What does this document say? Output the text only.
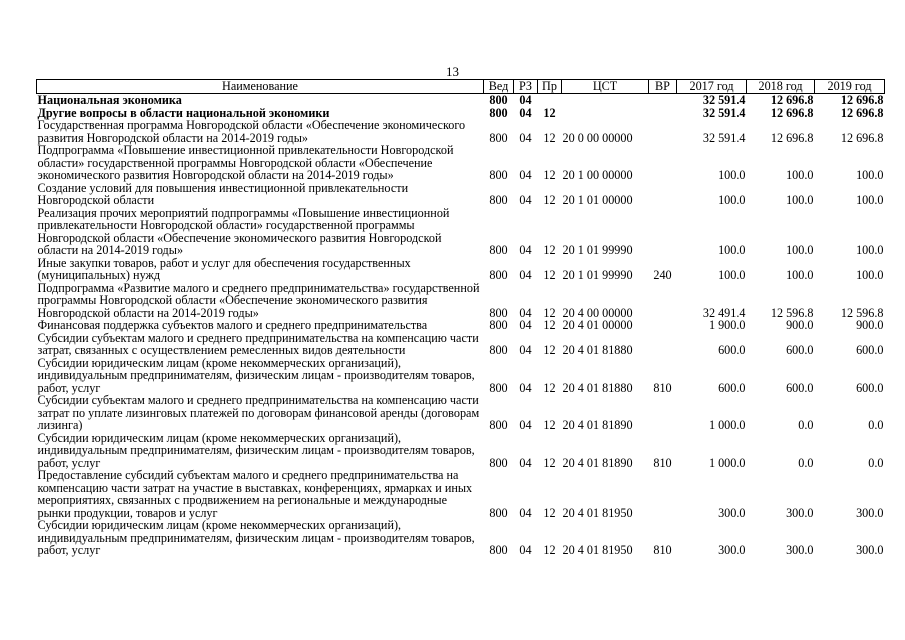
13
Наименование	Вед	РЗ	Пр	ЦСТ	ВР	2017 год	2018 год	2019 год
Национальная экономика	800	04				32 591.4	12 696.8	12 696.8
Другие вопросы в области национальной экономики	800	04	12			32 591.4	12 696.8	12 696.8
Государственная программа Новгородской области «Обеспечение экономического развития Новгородской области на 2014-2019 годы»	800	04	12	20 0 00 00000		32 591.4	12 696.8	12 696.8
Подпрограмма «Повышение инвестиционной привлекательности Новгородской области» государственной программы Новгородской области «Обеспечение экономического развития Новгородской области на 2014-2019 годы»	800	04	12	20 1 00 00000		100.0	100.0	100.0
Создание условий для повышения инвестиционной привлекательности Новгородской области	800	04	12	20 1 01 00000		100.0	100.0	100.0
Реализация прочих мероприятий подпрограммы «Повышение инвестиционной привлекательности Новгородской области» государственной программы Новгородской области «Обеспечение экономического развития Новгородской области на 2014-2019 годы»	800	04	12	20 1 01 99990		100.0	100.0	100.0
Иные закупки товаров, работ и услуг для обеспечения государственных (муниципальных) нужд	800	04	12	20 1 01 99990	240	100.0	100.0	100.0
Подпрограмма «Развитие малого и среднего предпринимательства» государственной программы Новгородской области «Обеспечение экономического развития Новгородской области на 2014-2019 годы»	800	04	12	20 4 00 00000		32 491.4	12 596.8	12 596.8
Финансовая поддержка субъектов малого и среднего предпринимательства	800	04	12	20 4 01 00000		1 900.0	900.0	900.0
Субсидии субъектам малого и среднего предпринимательства на компенсацию части затрат, связанных с осуществлением ремесленных видов деятельности	800	04	12	20 4 01 81880		600.0	600.0	600.0
Субсидии юридическим лицам (кроме некоммерческих организаций), индивидуальным предпринимателям, физическим лицам - производителям товаров, работ, услуг	800	04	12	20 4 01 81880	810	600.0	600.0	600.0
Субсидии субъектам малого и среднего предпринимательства на компенсацию части затрат по уплате лизинговых платежей по договорам финансовой аренды (договорам лизинга)	800	04	12	20 4 01 81890		1 000.0	0.0	0.0
Субсидии юридическим лицам (кроме некоммерческих организаций), индивидуальным предпринимателям, физическим лицам - производителям товаров, работ, услуг	800	04	12	20 4 01 81890	810	1 000.0	0.0	0.0
Предоставление субсидий субъектам малого и среднего предпринимательства на компенсацию части затрат на участие в выставках, конференциях, ярмарках и иных мероприятиях, связанных с продвижением на региональные и международные рынки продукции, товаров и услуг	800	04	12	20 4 01 81950		300.0	300.0	300.0
Субсидии юридическим лицам (кроме некоммерческих организаций), индивидуальным предпринимателям, физическим лицам - производителям товаров, работ, услуг	800	04	12	20 4 01 81950	810	300.0	300.0	300.0
